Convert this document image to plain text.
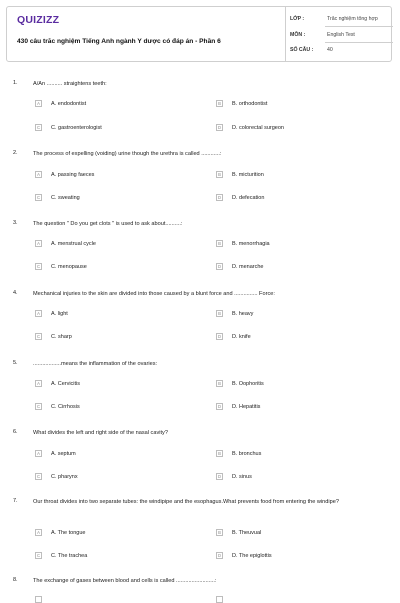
QUIZIZZ
430 câu trắc nghiệm Tiếng Anh ngành Y dược có đáp án - Phần 6
LỚP :	Trắc nghiệm tổng hợp
MÔN :	English Test
SỐ CÂU :	40
1.	A/An .......... straightens teeth:
A	A. endodontist	B	B. orthodontist
C	C. gastroenterologist	D	D. colorectal surgeon
2.	The process of expelling (voiding) urine though the urethra is called ............:
A	A. passing faeces	B	B. micturition
C	C. sweating	D	D. defecation
3.	The question " Do you get clots " is used to ask about..........:
A	A. menstrual cycle	B	B. menorrhagia
C	C. menopause	D	D. menarche
4.	Mechanical injuries to the skin are divided into those caused by a blunt force and ............... Force:
A	A. light	B	B. heavy
C	C. sharp	D	D. knife
5.	..................means the inflammation of the ovaries:
A	A. Cervicitis	B	B. Oophoritis
C	C. Cirrhosis	D	D. Hepatitis
6.	What divides the left and right side of the nasal cavity?
A	A. septum	B	B. bronchus
C	C. pharynx	D	D. sinus
7.	Our throat divides into two separate tubes: the windipipe and the esophagus.What prevents food from entering the windipe?
A	A. The tongue	B	B. Theuvual
C	C. The trachea	D	D. The epiglottis
8.	The exchange of gases between blood and cells is called .........................:
